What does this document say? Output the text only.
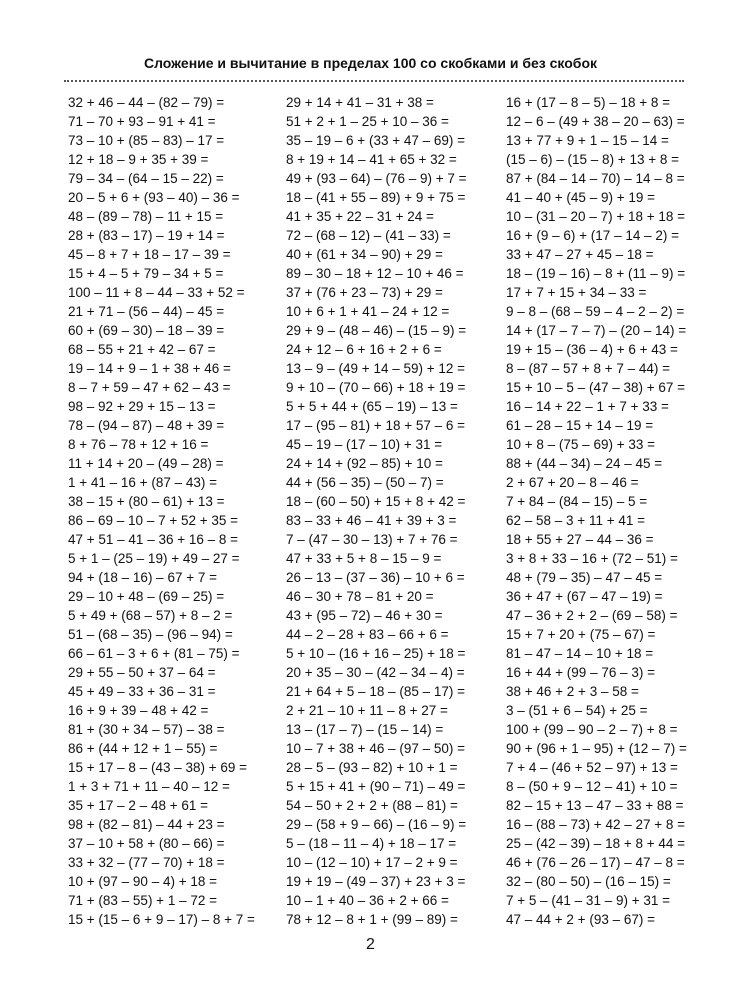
Сложение и вычитание в пределах 100 со скобками и без скобок
32 + 46 – 44 – (82 – 79) =
71 – 70 + 93 – 91 + 41 =
73 – 10 + (85 – 83) – 17 =
12 + 18 – 9 + 35 + 39 =
79 – 34 – (64 – 15 – 22) =
20 – 5 + 6 + (93 – 40) – 36 =
48 – (89 – 78) – 11 + 15 =
28 + (83 – 17) – 19 + 14 =
45 – 8 + 7 + 18 – 17 – 39 =
15 + 4 – 5 + 79 – 34 + 5 =
100 – 11 + 8 – 44 – 33 + 52 =
21 + 71 – (56 – 44) – 45 =
60 + (69 – 30) – 18 – 39 =
68 – 55 + 21 + 42 – 67 =
19 – 14 + 9 – 1 + 38 + 46 =
8 – 7 + 59 – 47 + 62 – 43 =
98 – 92 + 29 + 15 – 13 =
78 – (94 – 87) – 48 + 39 =
8 + 76 – 78 + 12 + 16 =
11 + 14 + 20 – (49 – 28) =
1 + 41 – 16 + (87 – 43) =
38 – 15 + (80 – 61) + 13 =
86 – 69 – 10 – 7 + 52 + 35 =
47 + 51 – 41 – 36 + 16 – 8 =
5 + 1 – (25 – 19) + 49 – 27 =
94 + (18 – 16) – 67 + 7 =
29 – 10 + 48 – (69 – 25) =
5 + 49 + (68 – 57) + 8 – 2 =
51 – (68 – 35) – (96 – 94) =
66 – 61 – 3 + 6 + (81 – 75) =
29 + 55 – 50 + 37 – 64 =
45 + 49 – 33 + 36 – 31 =
16 + 9 + 39 – 48 + 42 =
81 + (30 + 34 – 57) – 38 =
86 + (44 + 12 + 1 – 55) =
15 + 17 – 8 – (43 – 38) + 69 =
1 + 3 + 71 + 11 – 40 – 12 =
35 + 17 – 2 – 48 + 61 =
98 + (82 – 81) – 44 + 23 =
37 – 10 + 58 + (80 – 66) =
33 + 32 – (77 – 70) + 18 =
10 + (97 – 90 – 4) + 18 =
71 + (83 – 55) + 1 – 72 =
15 + (15 – 6 + 9 – 17) – 8 + 7 =
29 + 14 + 41 – 31 + 38 =
51 + 2 + 1 – 25 + 10 – 36 =
35 – 19 – 6 + (33 + 47 – 69) =
8 + 19 + 14 – 41 + 65 + 32 =
49 + (93 – 64) – (76 – 9) + 7 =
18 – (41 + 55 – 89) + 9 + 75 =
41 + 35 + 22 – 31 + 24 =
72 – (68 – 12) – (41 – 33) =
40 + (61 + 34 – 90) + 29 =
89 – 30 – 18 + 12 – 10 + 46 =
37 + (76 + 23 – 73) + 29 =
10 + 6 + 1 + 41 – 24 + 12 =
29 + 9 – (48 – 46) – (15 – 9) =
24 + 12 – 6 + 16 + 2 + 6 =
13 – 9 – (49 + 14 – 59) + 12 =
9 + 10 – (70 – 66) + 18 + 19 =
5 + 5 + 44 + (65 – 19) – 13 =
17 – (95 – 81) + 18 + 57 – 6 =
45 – 19 – (17 – 10) + 31 =
24 + 14 + (92 – 85) + 10 =
44 + (56 – 35) – (50 – 7) =
18 – (60 – 50) + 15 + 8 + 42 =
83 – 33 + 46 – 41 + 39 + 3 =
7 – (47 – 30 – 13) + 7 + 76 =
47 + 33 + 5 + 8 – 15 – 9 =
26 – 13 – (37 – 36) – 10 + 6 =
46 – 30 + 78 – 81 + 20 =
43 + (95 – 72) – 46 + 30 =
44 – 2 – 28 + 83 – 66 + 6 =
5 + 10 – (16 + 16 – 25) + 18 =
20 + 35 – 30 – (42 – 34 – 4) =
21 + 64 + 5 – 18 – (85 – 17) =
2 + 21 – 10 + 11 – 8 + 27 =
13 – (17 – 7) – (15 – 14) =
10 – 7 + 38 + 46 – (97 – 50) =
28 – 5 – (93 – 82) + 10 + 1 =
5 + 15 + 41 + (90 – 71) – 49 =
54 – 50 + 2 + 2 + (88 – 81) =
29 – (58 + 9 – 66) – (16 – 9) =
5 – (18 – 11 – 4) + 18 – 17 =
10 – (12 – 10) + 17 – 2 + 9 =
19 + 19 – (49 – 37) + 23 + 3 =
10 – 1 + 40 – 36 + 2 + 66 =
78 + 12 – 8 + 1 + (99 – 89) =
16 + (17 – 8 – 5) – 18 + 8 =
12 – 6 – (49 + 38 – 20 – 63) =
13 + 77 + 9 + 1 – 15 – 14 =
(15 – 6) – (15 – 8) + 13 + 8 =
87 + (84 – 14 – 70) – 14 – 8 =
41 – 40 + (45 – 9) + 19 =
10 – (31 – 20 – 7) + 18 + 18 =
16 + (9 – 6) + (17 – 14 – 2) =
33 + 47 – 27 + 45 – 18 =
18 – (19 – 16) – 8 + (11 – 9) =
17 + 7 + 15 + 34 – 33 =
9 – 8 – (68 – 59 – 4 – 2 – 2) =
14 + (17 – 7 – 7) – (20 – 14) =
19 + 15 – (36 – 4) + 6 + 43 =
8 – (87 – 57 + 8 + 7 – 44) =
15 + 10 – 5 – (47 – 38) + 67 =
16 – 14 + 22 – 1 + 7 + 33 =
61 – 28 – 15 + 14 – 19 =
10 + 8 – (75 – 69) + 33 =
88 + (44 – 34) – 24 – 45 =
2 + 67 + 20 – 8 – 46 =
7 + 84 – (84 – 15) – 5 =
62 – 58 – 3 + 11 + 41 =
18 + 55 + 27 – 44 – 36 =
3 + 8 + 33 – 16 + (72 – 51) =
48 + (79 – 35) – 47 – 45 =
36 + 47 + (67 – 47 – 19) =
47 – 36 + 2 + 2 – (69 – 58) =
15 + 7 + 20 + (75 – 67) =
81 – 47 – 14 – 10 + 18 =
16 + 44 + (99 – 76 – 3) =
38 + 46 + 2 + 3 – 58 =
3 – (51 + 6 – 54) + 25 =
100 + (99 – 90 – 2 – 7) + 8 =
90 + (96 + 1 – 95) + (12 – 7) =
7 + 4 – (46 + 52 – 97) + 13 =
8 – (50 + 9 – 12 – 41) + 10 =
82 – 15 + 13 – 47 – 33 + 88 =
16 – (88 – 73) + 42 – 27 + 8 =
25 – (42 – 39) – 18 + 8 + 44 =
46 + (76 – 26 – 17) – 47 – 8 =
32 – (80 – 50) – (16 – 15) =
7 + 5 – (41 – 31 – 9) + 31 =
47 – 44 + 2 + (93 – 67) =
2
